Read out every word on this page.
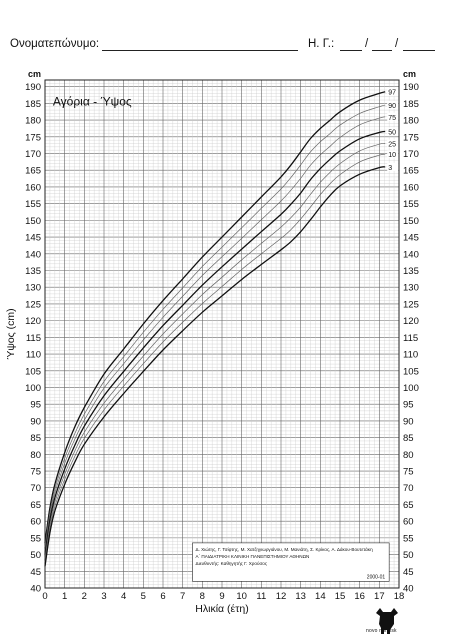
Ονοματεπώνυμο:	Η. Γ.:	/ /
40	40
45	45
50	50
55	55
60	60
65	65
70	70
75	75
80	80
85	85
90	90
95	95
100	100
105	105
110	110
115	115
120	120
125	125
130	130
135	135
140	140
145	145
150	150
155	155
160	160
165	165
170	170
175	175
180	180
185	185
190	190
0 1 2 3 4 5 6 7 8 9 10 11 12 13 14 15 16 17 18
cm	cm
Ηλικία (έτη)
Ύψος (cm)
Αγόρια - Ύψος
97
90
75
50
25
10
3
Δ. Χιώτης, Γ. Τσίφτης, Μ. Χατζηγιωργιάνου, Μ. Μανιάτη, Σ. Κρίκος, Α. Δάκου-Βουτετάκη
Α΄ ΠΑΙΔΙΑΤΡΙΚΗ ΚΛΙΝΙΚΗ ΠΑΝΕΠΙΣΤΗΜΙΟΥ ΑΘΗΝΩΝ
Διευθυντής: Καθηγητής Γ. Χρούσος
2000-01
novo nordisk
